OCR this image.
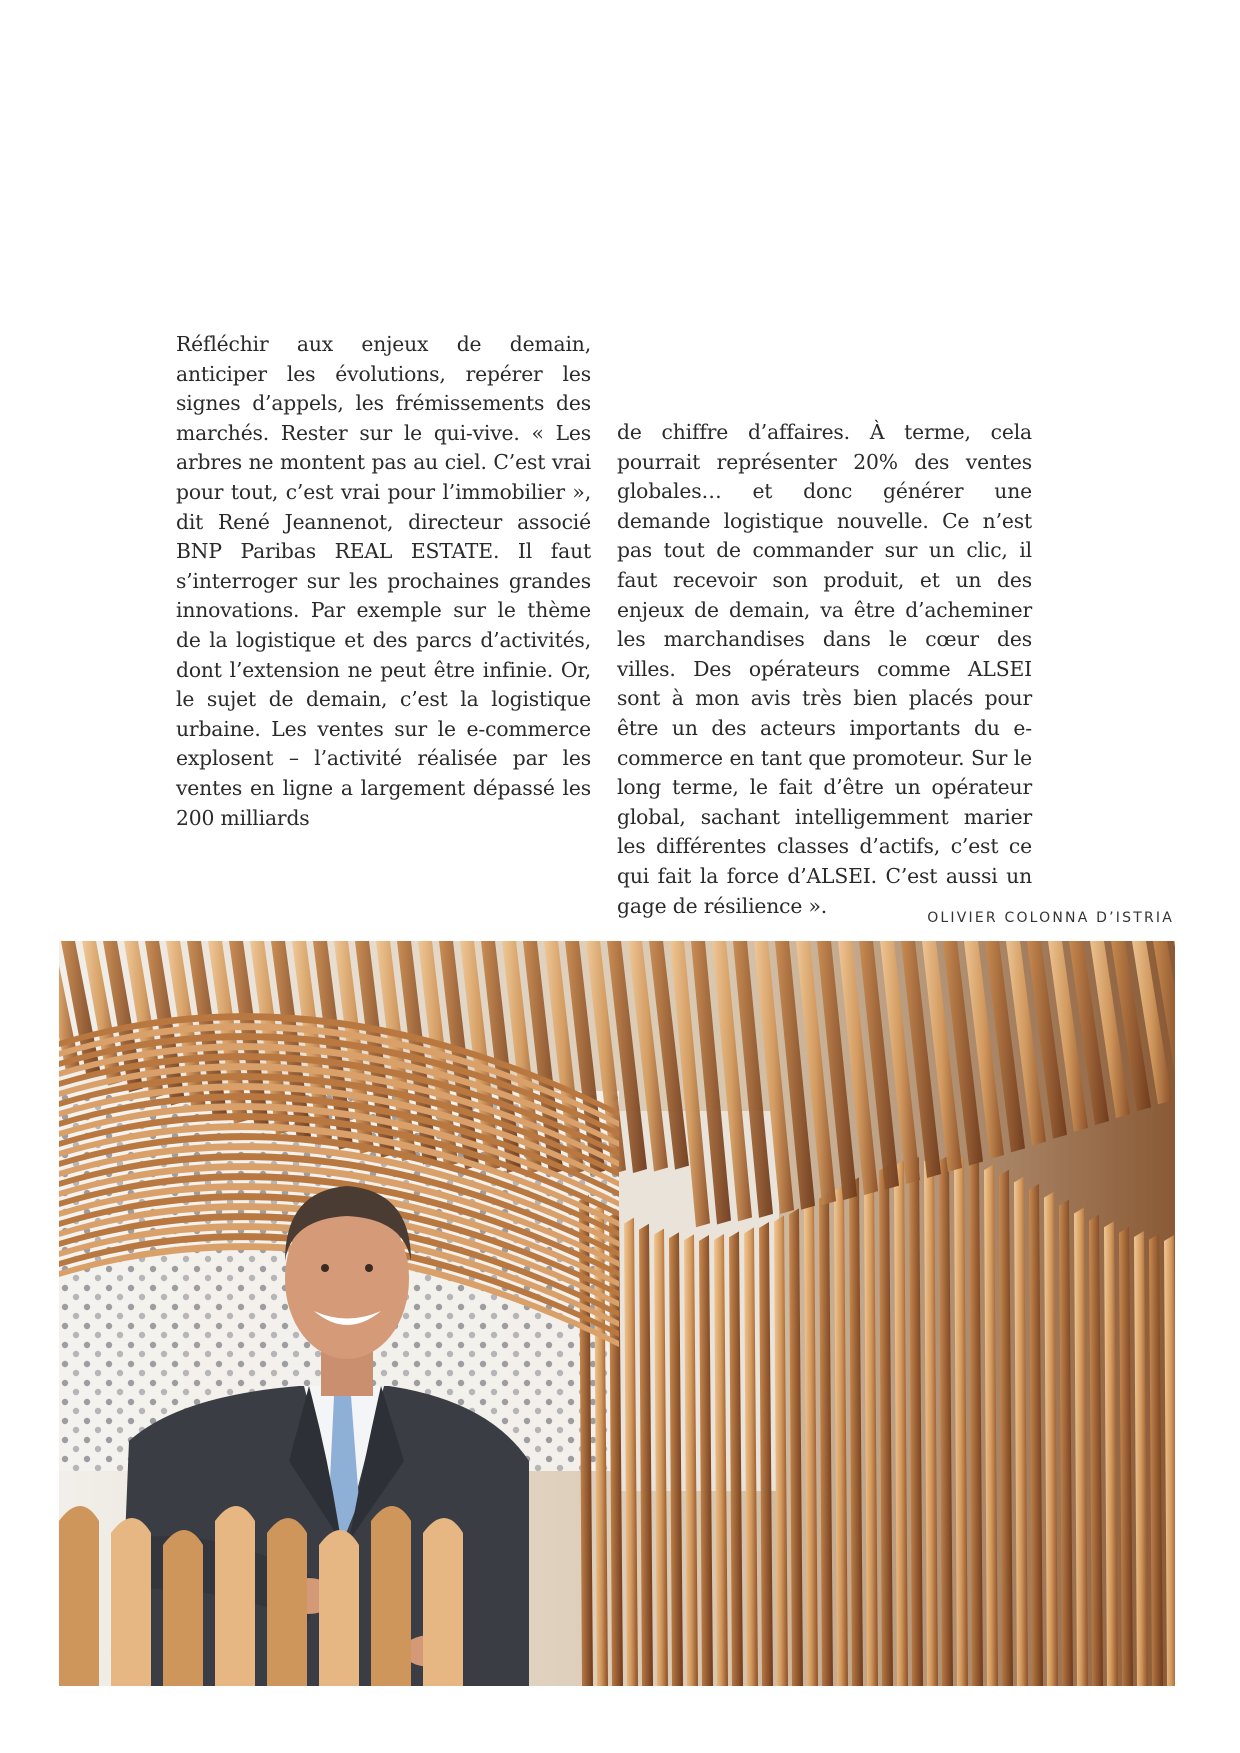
Réfléchir aux enjeux de demain, anticiper les évolutions, repérer les signes d’appels, les frémissements des marchés. Rester sur le qui-vive. « Les arbres ne montent pas au ciel. C’est vrai pour tout, c’est vrai pour l’immobilier », dit René Jeannenot, directeur associé BNP Paribas REAL ESTATE. Il faut s’interroger sur les prochaines grandes innovations. Par exemple sur le thème de la logistique et des parcs d’activités, dont l’extension ne peut être infinie. Or, le sujet de demain, c’est la logistique urbaine. Les ventes sur le e-commerce explosent – l’activité réalisée par les ventes en ligne a largement dépassé les 200 milliards
de chiffre d’affaires. À terme, cela pourrait représenter 20% des ventes globales… et donc générer une demande logistique nouvelle. Ce n’est pas tout de commander sur un clic, il faut recevoir son produit, et un des enjeux de demain, va être d’acheminer les marchandises dans le cœur des villes. Des opérateurs comme ALSEI sont à mon avis très bien placés pour être un des acteurs importants du e-commerce en tant que promoteur. Sur le long terme, le fait d’être un opérateur global, sachant intelligemment marier les différentes classes d’actifs, c’est ce qui fait la force d’ALSEI. C’est aussi un gage de résilience ».
OLIVIER COLONNA D’ISTRIA
